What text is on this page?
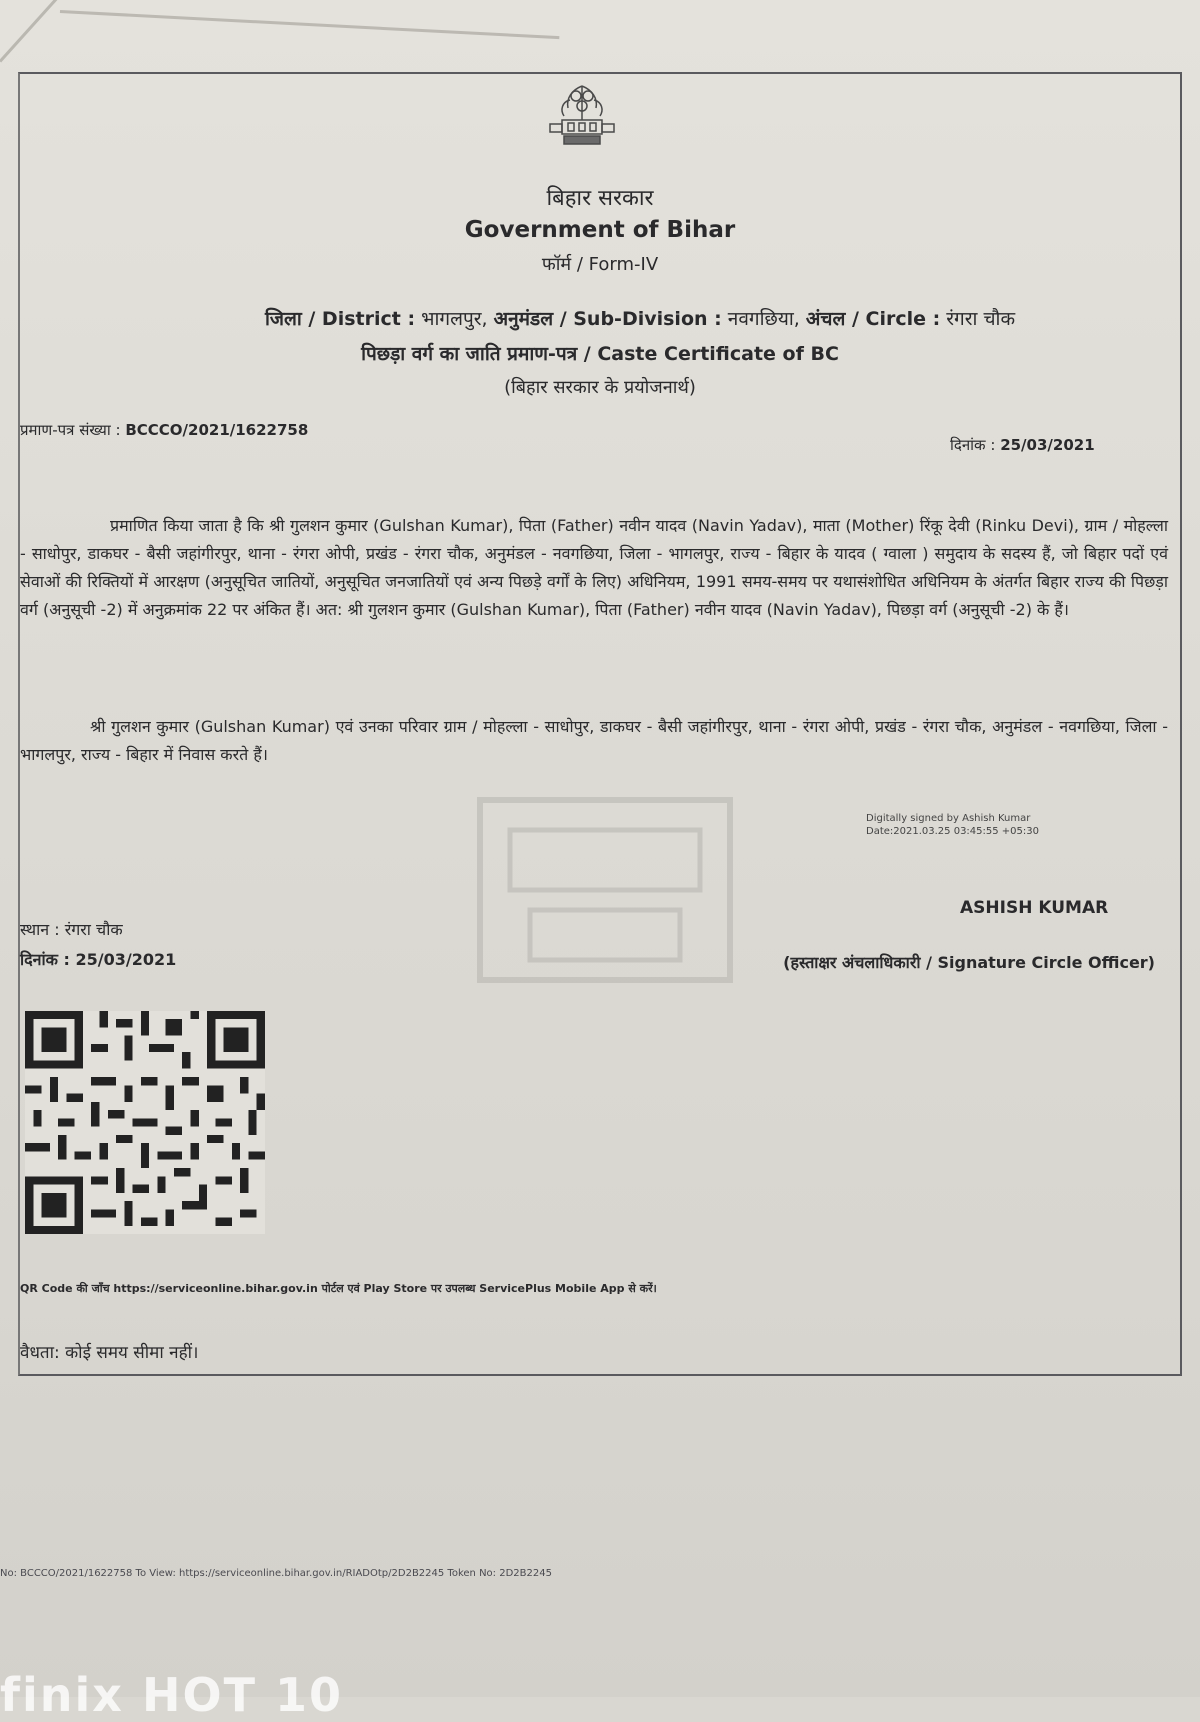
बिहार सरकार
Government of Bihar
फॉर्म / Form-IV
जिला / District : भागलपुर, अनुमंडल / Sub-Division : नवगछिया, अंचल / Circle : रंगरा चौक
पिछड़ा वर्ग का जाति प्रमाण-पत्र / Caste Certificate of BC
(बिहार सरकार के प्रयोजनार्थ)
प्रमाण-पत्र संख्या : BCCCO/2021/1622758
दिनांक : 25/03/2021
प्रमाणित किया जाता है कि श्री गुलशन कुमार (Gulshan Kumar), पिता (Father) नवीन यादव (Navin Yadav), माता (Mother) रिंकू देवी (Rinku Devi), ग्राम / मोहल्ला - साधोपुर, डाकघर - बैसी जहांगीरपुर, थाना - रंगरा ओपी, प्रखंड - रंगरा चौक, अनुमंडल - नवगछिया, जिला - भागलपुर, राज्य - बिहार के यादव ( ग्वाला ) समुदाय के सदस्य हैं, जो बिहार पदों एवं सेवाओं की रिक्तियों में आरक्षण (अनुसूचित जातियों, अनुसूचित जनजातियों एवं अन्य पिछड़े वर्गों के लिए) अधिनियम, 1991 समय-समय पर यथासंशोधित अधिनियम के अंतर्गत बिहार राज्य की पिछड़ा वर्ग (अनुसूची -2) में अनुक्रमांक 22 पर अंकित हैं। अत: श्री गुलशन कुमार (Gulshan Kumar), पिता (Father) नवीन यादव (Navin Yadav), पिछड़ा वर्ग (अनुसूची -2) के हैं।
श्री गुलशन कुमार (Gulshan Kumar) एवं उनका परिवार ग्राम / मोहल्ला - साधोपुर, डाकघर - बैसी जहांगीरपुर, थाना - रंगरा ओपी, प्रखंड - रंगरा चौक, अनुमंडल - नवगछिया, जिला - भागलपुर, राज्य - बिहार में निवास करते हैं।
Digitally signed by Ashish Kumar
Date:2021.03.25 03:45:55 +05:30
ASHISH KUMAR
स्थान : रंगरा चौक
दिनांक : 25/03/2021	(हस्ताक्षर अंचलाधिकारी / Signature Circle Officer)
QR Code की जाँच https://serviceonline.bihar.gov.in पोर्टल एवं Play Store पर उपलब्ध ServicePlus Mobile App से करें।
वैधता: कोई समय सीमा नहीं।
No: BCCCO/2021/1622758 To View: https://serviceonline.bihar.gov.in/RIADOtp/2D2B2245 Token No: 2D2B2245
finix HOT 10
